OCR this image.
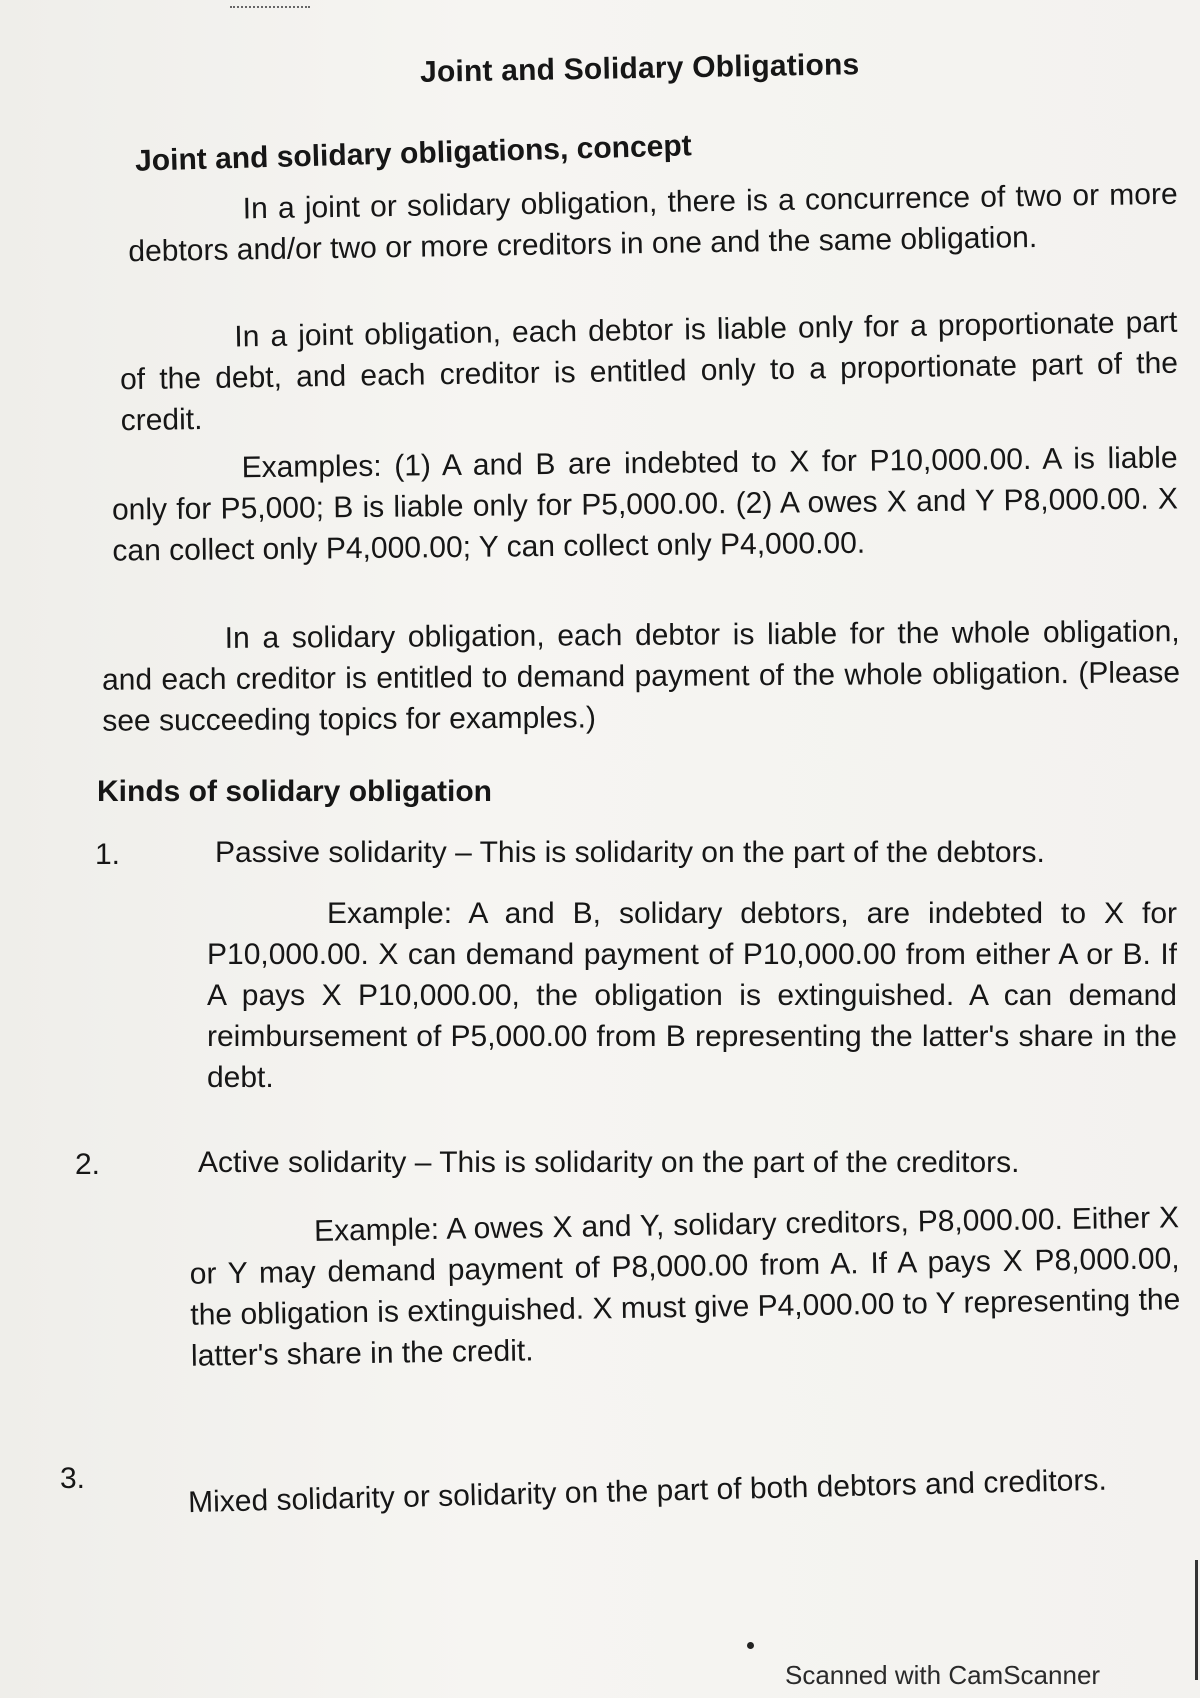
Joint and Solidary Obligations
Joint and solidary obligations, concept
In a joint or solidary obligation, there is a concurrence of two or more debtors and/or two or more creditors in one and the same obligation.
In a joint obligation, each debtor is liable only for a proportionate part of the debt, and each creditor is entitled only to a proportionate part of the credit.
Examples: (1) A and B are indebted to X for P10,000.00. A is liable only for P5,000; B is liable only for P5,000.00. (2) A owes X and Y P8,000.00. X can collect only P4,000.00; Y can collect only P4,000.00.
In a solidary obligation, each debtor is liable for the whole obligation, and each creditor is entitled to demand payment of the whole obligation. (Please see succeeding topics for examples.)
Kinds of solidary obligation
1.	Passive solidarity – This is solidarity on the part of the debtors.
Example: A and B, solidary debtors, are indebted to X for P10,000.00. X can demand payment of P10,000.00 from either A or B. If A pays X P10,000.00, the obligation is extinguished. A can demand reimbursement of P5,000.00 from B representing the latter's share in the debt.
2.	Active solidarity – This is solidarity on the part of the creditors.
Example: A owes X and Y, solidary creditors, P8,000.00. Either X or Y may demand payment of P8,000.00 from A. If A pays X P8,000.00, the obligation is extinguished. X must give P4,000.00 to Y representing the latter's share in the credit.
3.	Mixed solidarity or solidarity on the part of both debtors and creditors.
Scanned with CamScanner
